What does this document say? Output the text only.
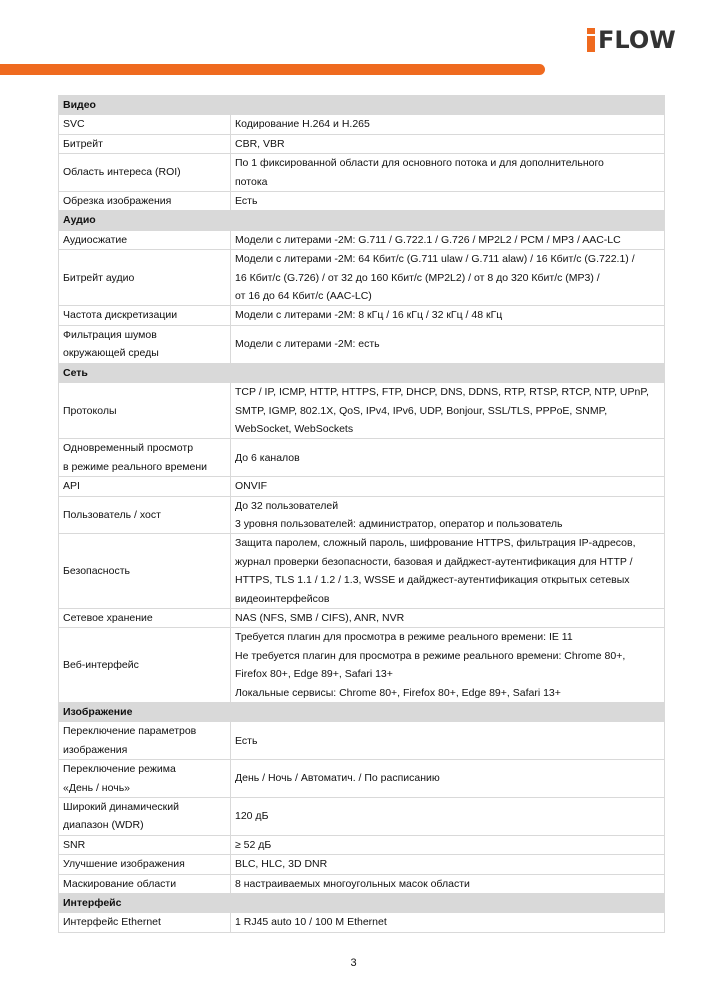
FLOW
Видео	

SVC	Кодирование H.264 и H.265

Битрейт	CBR, VBR

Область интереса (ROI)	По 1 фиксированной области для основного потока и для дополнительного
потока

Обрезка изображения	Есть

Аудио	

Аудиосжатие	Модели с литерами -2M: G.711 / G.722.1 / G.726 / MP2L2 / PCM / MP3 / AAC-LC

Битрейт аудио	Модели с литерами -2M: 64 Кбит/с (G.711 ulaw / G.711 alaw) / 16 Кбит/с (G.722.1) /
16 Кбит/с (G.726) / от 32 до 160 Кбит/с (MP2L2) / от 8 до 320 Кбит/с (MP3) /
от 16 до 64 Кбит/с (AAC-LC)

Частота дискретизации	Модели с литерами -2M: 8 кГц / 16 кГц / 32 кГц / 48 кГц

Фильтрация шумов
окружающей среды	Модели с литерами -2M: есть

Сеть	

Протоколы	TCP / IP, ICMP, HTTP, HTTPS, FTP, DHCP, DNS, DDNS, RTP, RTSP, RTCP, NTP, UPnP,
SMTP, IGMP, 802.1X, QoS, IPv4, IPv6, UDP, Bonjour, SSL/TLS, PPPoE, SNMP,
WebSocket, WebSockets

Одновременный просмотр
в режиме реального времени	До 6 каналов

API	ONVIF

Пользователь / хост	До 32 пользователей
3 уровня пользователей: администратор, оператор и пользователь

Безопасность	Защита паролем, сложный пароль, шифрование HTTPS, фильтрация IP-адресов,
журнал проверки безопасности, базовая и дайджест-аутентификация для HTTP /
HTTPS, TLS 1.1 / 1.2 / 1.3, WSSE и дайджест-аутентификация открытых сетевых
видеоинтерфейсов

Сетевое хранение	NAS (NFS, SMB / CIFS), ANR, NVR

Веб-интерфейс	Требуется плагин для просмотра в режиме реального времени: IE 11
Не требуется плагин для просмотра в режиме реального времени: Chrome 80+,
Firefox 80+, Edge 89+, Safari 13+
Локальные сервисы: Chrome 80+, Firefox 80+, Edge 89+, Safari 13+

Изображение	

Переключение параметров
изображения	Есть

Переключение режима
«День / ночь»	День / Ночь / Автоматич. / По расписанию

Широкий динамический
диапазон (WDR)	120 дБ

SNR	≥ 52 дБ

Улучшение изображения	BLC, HLC, 3D DNR

Маскирование области	8 настраиваемых многоугольных масок области

Интерфейс	

Интерфейс Ethernet	1 RJ45 auto 10 / 100 M Ethernet
3
